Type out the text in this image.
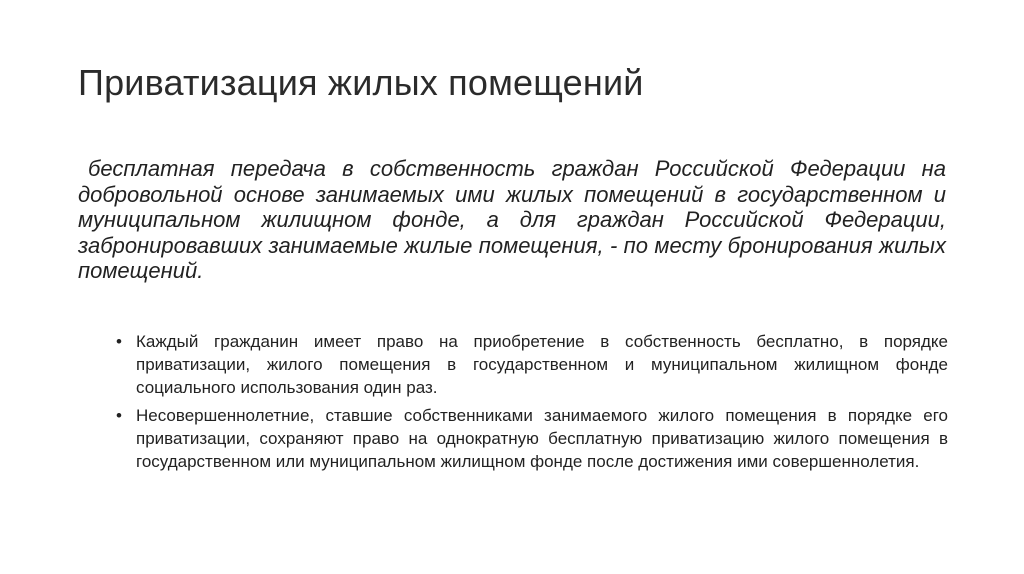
Приватизация жилых помещений

бесплатная передача в собственность граждан Российской Федерации на добровольной основе занимаемых ими жилых помещений в государственном и муниципальном жилищном фонде, а для граждан Российской Федерации, забронировавших занимаемые жилые помещения, - по месту бронирования жилых помещений.

• Каждый гражданин имеет право на приобретение в собственность бесплатно, в порядке приватизации, жилого помещения в государственном и муниципальном жилищном фонде социального использования один раз.
• Несовершеннолетние, ставшие собственниками занимаемого жилого помещения в порядке его приватизации, сохраняют право на однократную бесплатную приватизацию жилого помещения в государственном или муниципальном жилищном фонде после достижения ими совершеннолетия.
